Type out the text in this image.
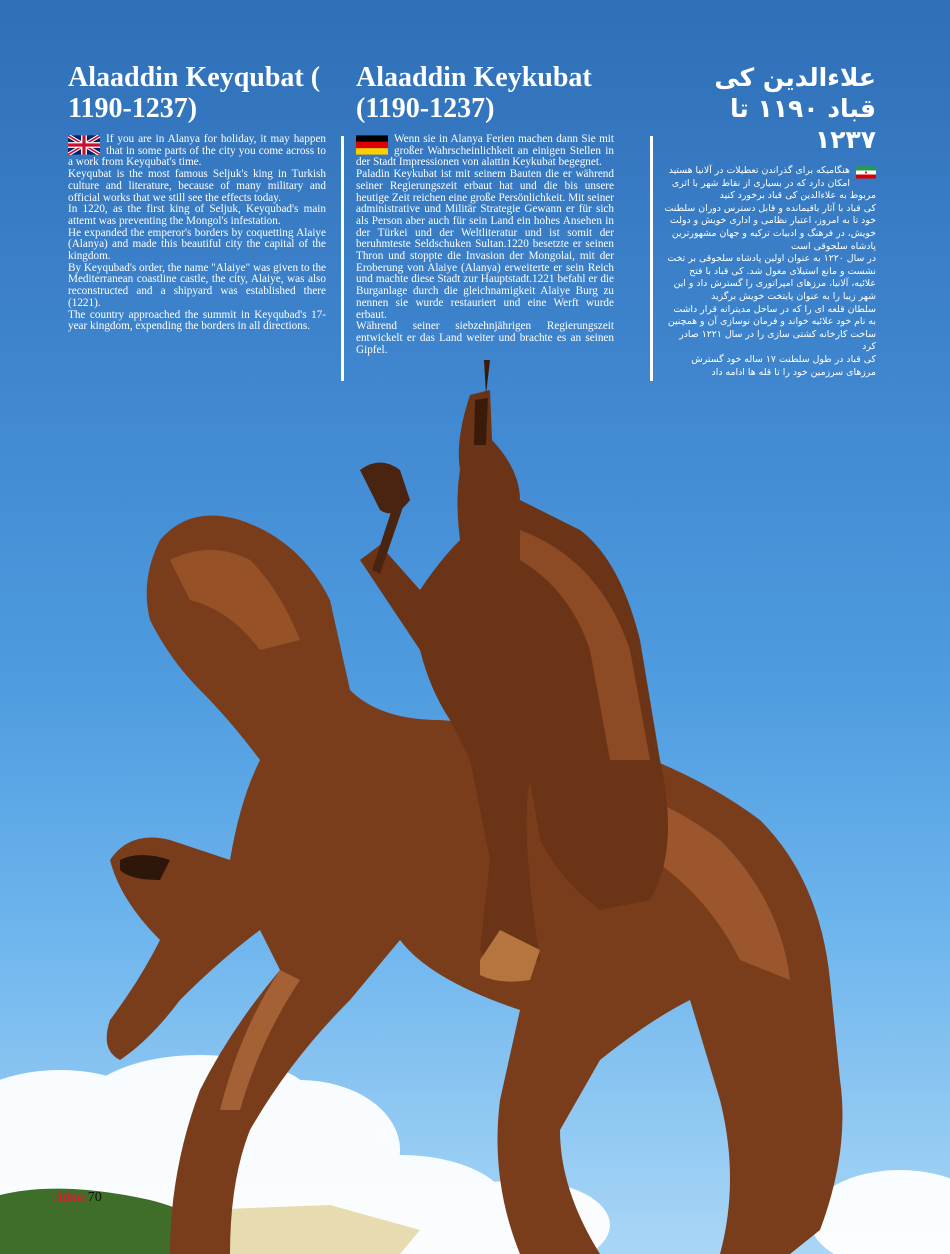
Alaaddin Keyqubat ( 1190-1237)

If you are in Alanya for holiday, it may happen that in some parts of the city you come across to a work from Keyqubat's time.

Keyqubat is the most famous Seljuk's king in Turkish culture and literature, because of many military and official works that we still see the effects today.

In 1220, as the first king of Seljuk, Keyqubad's main attemt was preventing the Mongol's infestation.

He expanded the emperor's borders by coquetting Alaiye (Alanya) and made this beautiful city the capital of the kingdom.

By Keyqubad's order, the name "Alaiye" was given to the Mediterranean coastline castle, the city, Alaiye, was also reconstructed and a shipyard was established there (1221).

The country approached the summit in Keyqubad's 17-year kingdom, expending the borders in all directions.

Alaaddin Keykubat (1190-1237)

Wenn sie in Alanya Ferien machen dann Sie mit großer Wahrscheinlichkeit an einigen Stellen in der Stadt Impressionen von alattin Keykubat begegnet.

Paladin Keykubat ist mit seinem Bauten die er während seiner Regierungszeit erbaut hat und die bis unsere heutige Zeit reichen eine große Persönlichkeit. Mit seiner administrative und Militär Strategie Gewann er für sich als Person aber auch für sein Land ein hohes Ansehen in der Türkei und der Weltliteratur und ist somit der beruhmteste Seldschuken Sultan.1220 besetzte er seinen Thron und stoppte die Invasion der Mongolai, mit der Eroberung von Alaiye (Alanya) erweiterte er sein Reich und machte diese Stadt zur Hauptstadt.1221 befahl er die Burganlage durch die gleichnamigkeit Alaiye Burg zu nennen sie wurde restauriert und eine Werft wurde erbaut.

Während seiner siebzehnjährigen Regierungszeit entwickelt er das Land weiter und brachte es an seinen Gipfel.

علاءالدین کی قباد ۱۱۹۰ تا ۱۲۳۷

هنگامیکه برای گذراندن تعطیلات در آلانیا هستید امکان دارد که در بسیاری از نقاط شهر با اثری مربوط به علاءالدین کی قباد برخورد کنید

کی قباد با آثار باقیمانده و قابل دسترس دوران سلطنت خود تا به امروز، اعتبار نظامی و اداری خویش و دولت خویش، در فرهنگ و ادبیات ترکیه و جهان مشهورترین پادشاه سلجوقی است

در سال ۱۲۲۰ به عنوان اولین پادشاه سلجوقی بر تخت نشست و مانع استیلای مغول شد. کی قباد با فتح علائیه، آلانیا، مرزهای امپراتوری را گسترش داد و این شهر زیبا را به عنوان پایتخت خویش برگزید

سلطان قلعه ای را که در ساحل مدیترانه قرار داشت به نام خود علائیه خواند و فرمان نوسازی آن و همچنین ساخت کارخانه کشتی سازی را در سال ۱۲۲۱ صادر کرد

کی قباد در طول سلطنت ۱۷ ساله خود گسترش مرزهای سرزمین خود را تا قله ها ادامه داد

Atime 70
